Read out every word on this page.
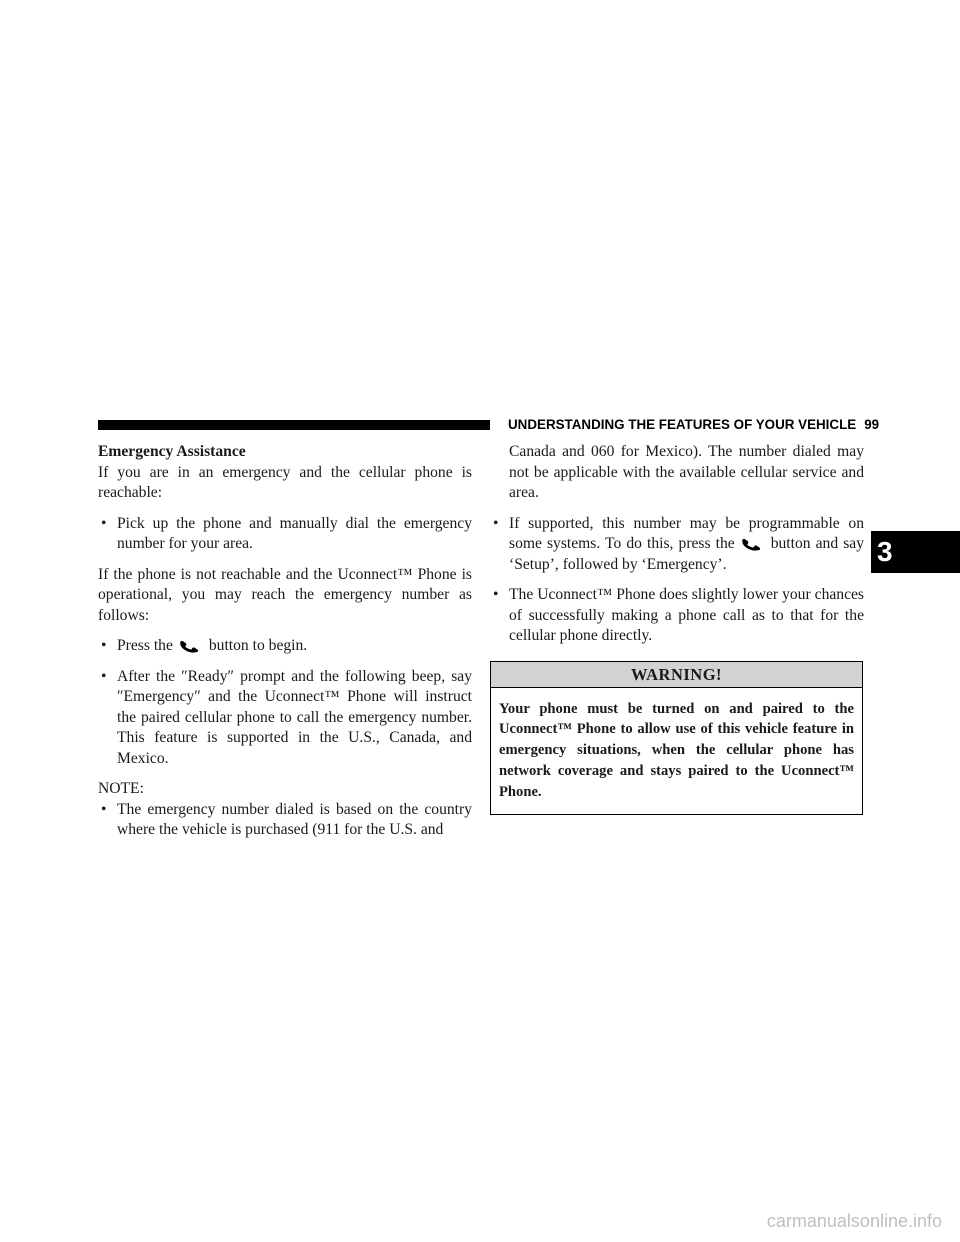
UNDERSTANDING THE FEATURES OF YOUR VEHICLE 99
3

Emergency Assistance

If you are in an emergency and the cellular phone is reachable:

• Pick up the phone and manually dial the emergency number for your area.

If the phone is not reachable and the Uconnect™ Phone is operational, you may reach the emergency number as follows:

• Press the button to begin.
• After the ″Ready″ prompt and the following beep, say ″Emergency″ and the Uconnect™ Phone will instruct the paired cellular phone to call the emergency number. This feature is supported in the U.S., Canada, and Mexico.

NOTE:

• The emergency number dialed is based on the country where the vehicle is purchased (911 for the U.S. and
Canada and 060 for Mexico). The number dialed may not be applicable with the available cellular service and area.
• If supported, this number may be programmable on some systems. To do this, press the button and say ‘Setup’, followed by ‘Emergency’.
• The Uconnect™ Phone does slightly lower your chances of successfully making a phone call as to that for the cellular phone directly.
WARNING!
Your phone must be turned on and paired to the Uconnect™ Phone to allow use of this vehicle feature in emergency situations, when the cellular phone has network coverage and stays paired to the Uconnect™ Phone.
carmanualsonline.info
